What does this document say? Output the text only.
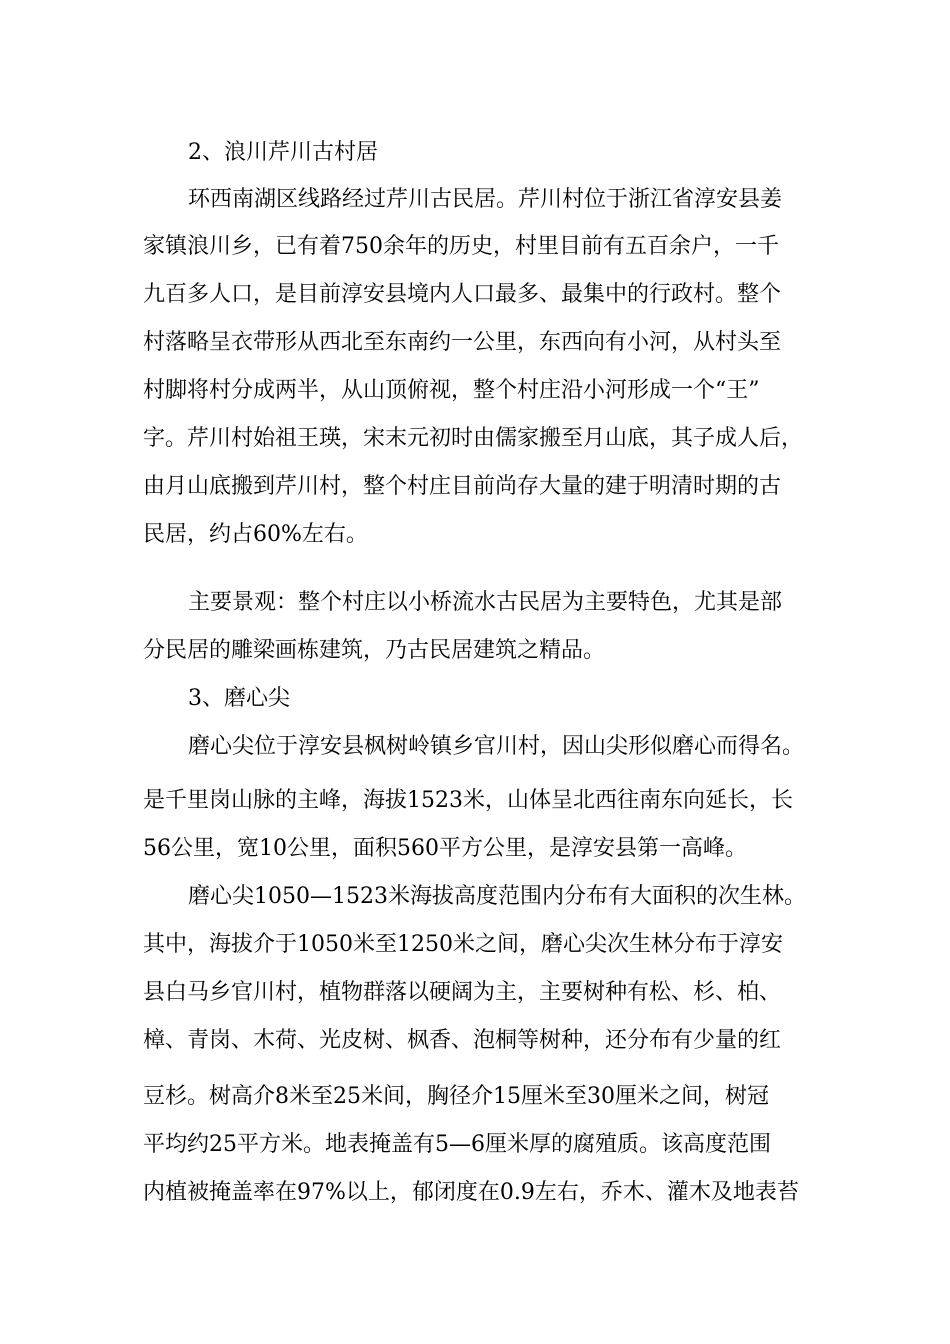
2、浪川芹川古村居
环西南湖区线路经过芹川古民居。芹川村位于浙江省淳安县姜
家镇浪川乡，已有着750余年的历史，村里目前有五百余户，一千
九百多人口，是目前淳安县境内人口最多、最集中的行政村。整个
村落略呈衣带形从西北至东南约一公里，东西向有小河，从村头至
村脚将村分成两半，从山顶俯视，整个村庄沿小河形成一个“王”
字。芹川村始祖王瑛，宋末元初时由儒家搬至月山底，其子成人后，
由月山底搬到芹川村，整个村庄目前尚存大量的建于明清时期的古
民居，约占60%左右。
主要景观：整个村庄以小桥流水古民居为主要特色，尤其是部
分民居的雕梁画栋建筑，乃古民居建筑之精品。
3、磨心尖
磨心尖位于淳安县枫树岭镇乡官川村，因山尖形似磨心而得名。
是千里岗山脉的主峰，海拔1523米，山体呈北西往南东向延长，长
56公里，宽10公里，面积560平方公里，是淳安县第一高峰。
磨心尖1050—1523米海拔高度范围内分布有大面积的次生林。
其中，海拔介于1050米至1250米之间，磨心尖次生林分布于淳安
县白马乡官川村，植物群落以硬阔为主，主要树种有松、杉、柏、
樟、青岗、木荷、光皮树、枫香、泡桐等树种，还分布有少量的红
豆杉。树高介8米至25米间，胸径介15厘米至30厘米之间，树冠
平均约25平方米。地表掩盖有5—6厘米厚的腐殖质。该高度范围
内植被掩盖率在97%以上，郁闭度在0.9左右，乔木、灌木及地表苔
